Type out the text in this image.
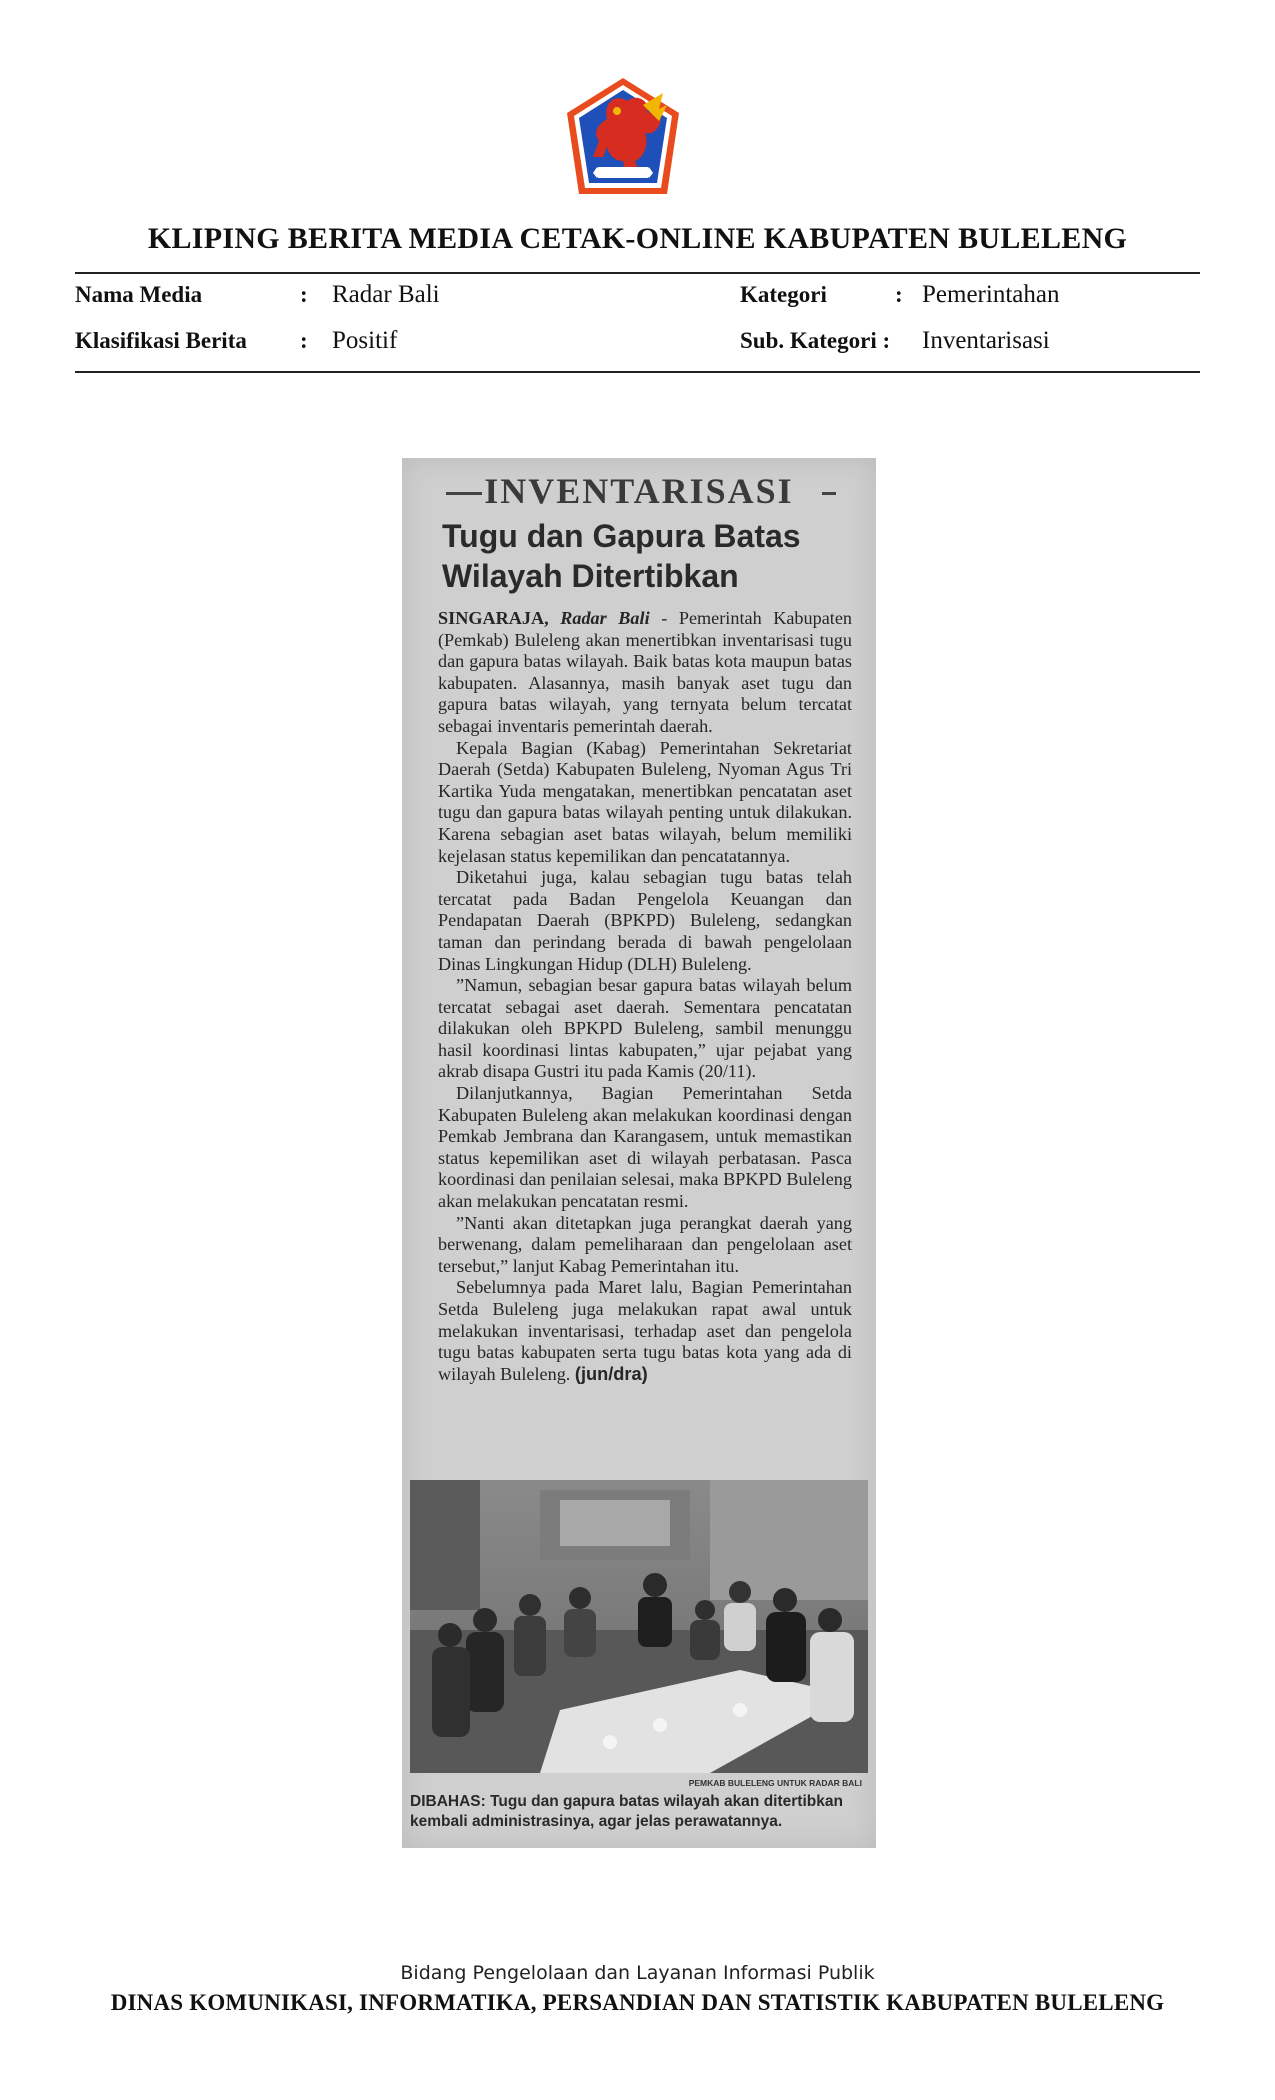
KLIPING BERITA MEDIA CETAK-ONLINE KABUPATEN BULELENG
Nama Media	: Radar Bali	Kategori	: Pemerintahan
Klasifikasi Berita : Positif	Sub. Kategori : Inventarisasi
INVENTARISASI
Tugu dan Gapura Batas Wilayah Ditertibkan

SINGARAJA, Radar Bali - Pemerintah Kabupaten (Pemkab) Buleleng akan menertibkan inventarisasi tugu dan gapura batas wilayah. Baik batas kota maupun batas kabupaten. Alasannya, masih banyak aset tugu dan gapura batas wilayah, yang ternyata belum tercatat sebagai inventaris pemerintah daerah.

Kepala Bagian (Kabag) Pemerintahan Sekretariat Daerah (Setda) Kabupaten Buleleng, Nyoman Agus Tri Kartika Yuda mengatakan, menertibkan pencatatan aset tugu dan gapura batas wilayah penting untuk dilakukan. Karena sebagian aset batas wilayah, belum memiliki kejelasan status kepemilikan dan pencatatannya.

Diketahui juga, kalau sebagian tugu batas telah tercatat pada Badan Pengelola Keuangan dan Pendapatan Daerah (BPKPD) Buleleng, sedangkan taman dan perindang berada di bawah pengelolaan Dinas Lingkungan Hidup (DLH) Buleleng.

”Namun, sebagian besar gapura batas wilayah belum tercatat sebagai aset daerah. Sementara pencatatan dilakukan oleh BPKPD Buleleng, sambil menunggu hasil koordinasi lintas kabupaten,” ujar pejabat yang akrab disapa Gustri itu pada Kamis (20/11).

Dilanjutkannya, Bagian Pemerintahan Setda Kabupaten Buleleng akan melakukan koordinasi dengan Pemkab Jembrana dan Karangasem, untuk memastikan status kepemilikan aset di wilayah perbatasan. Pasca koordinasi dan penilaian selesai, maka BPKPD Buleleng akan melakukan pencatatan resmi.

”Nanti akan ditetapkan juga perangkat daerah yang berwenang, dalam pemeliharaan dan pengelolaan aset tersebut,” lanjut Kabag Pemerintahan itu.

Sebelumnya pada Maret lalu, Bagian Pemerintahan Setda Buleleng juga melakukan rapat awal untuk melakukan inventarisasi, terhadap aset dan pengelola tugu batas kabupaten serta tugu batas kota yang ada di wilayah Buleleng. (jun/dra)

PEMKAB BULELENG UNTUK RADAR BALI
DIBAHAS: Tugu dan gapura batas wilayah akan ditertibkan kembali administrasinya, agar jelas perawatannya.
Bidang Pengelolaan dan Layanan Informasi Publik
DINAS KOMUNIKASI, INFORMATIKA, PERSANDIAN DAN STATISTIK KABUPATEN BULELENG
